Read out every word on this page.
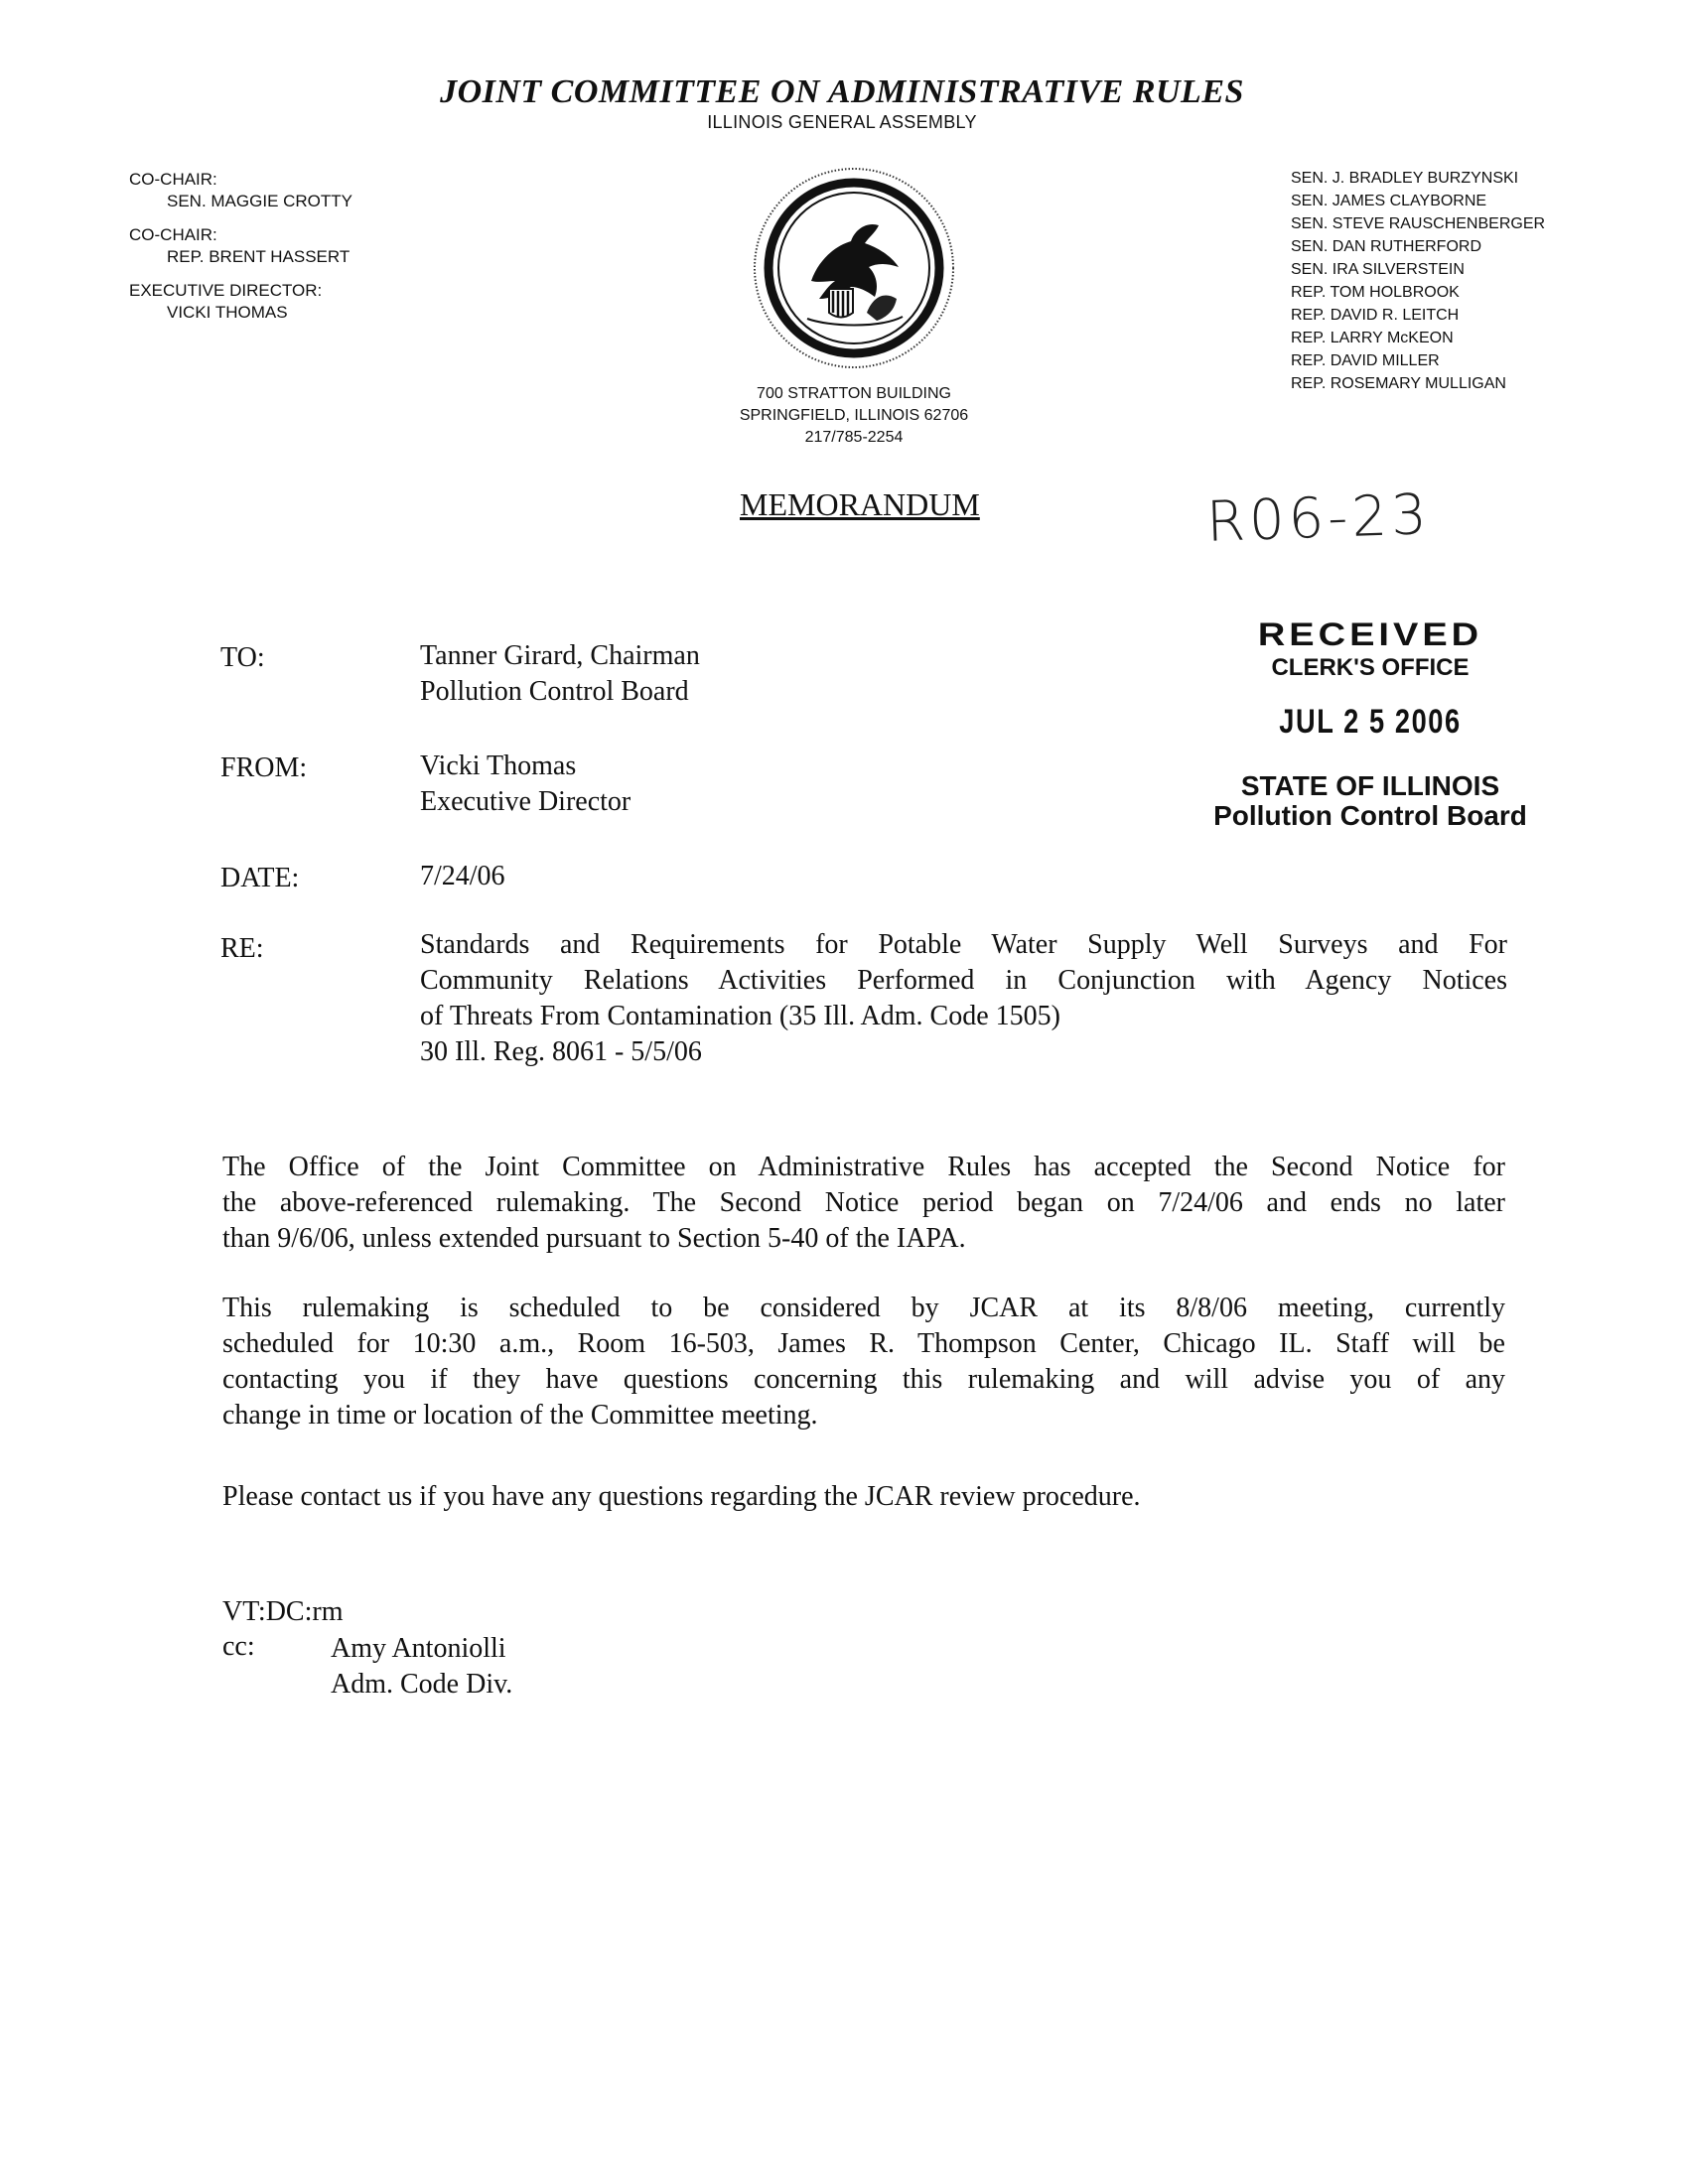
JOINT COMMITTEE ON ADMINISTRATIVE RULES
ILLINOIS GENERAL ASSEMBLY
CO-CHAIR:
SEN. MAGGIE CROTTY
CO-CHAIR:
REP. BRENT HASSERT
EXECUTIVE DIRECTOR:
VICKI THOMAS
700 STRATTON BUILDING
SPRINGFIELD, ILLINOIS 62706
217/785-2254
SEN. J. BRADLEY BURZYNSKI
SEN. JAMES CLAYBORNE
SEN. STEVE RAUSCHENBERGER
SEN. DAN RUTHERFORD
SEN. IRA SILVERSTEIN
REP. TOM HOLBROOK
REP. DAVID R. LEITCH
REP. LARRY McKEON
REP. DAVID MILLER
REP. ROSEMARY MULLIGAN
MEMORANDUM	R06-23
RECEIVED
CLERK'S OFFICE
JUL 2 5 2006
STATE OF ILLINOIS
Pollution Control Board
TO:	Tanner Girard, Chairman
Pollution Control Board
FROM:	Vicki Thomas
Executive Director
DATE:	7/24/06
RE:	Standards and Requirements for Potable Water Supply Well Surveys and For
Community Relations Activities Performed in Conjunction with Agency Notices
of Threats From Contamination (35 Ill. Adm. Code 1505)
30 Ill. Reg. 8061 - 5/5/06
The Office of the Joint Committee on Administrative Rules has accepted the Second Notice for
the above-referenced rulemaking. The Second Notice period began on 7/24/06 and ends no later
than 9/6/06, unless extended pursuant to Section 5-40 of the IAPA.
This rulemaking is scheduled to be considered by JCAR at its 8/8/06 meeting, currently
scheduled for 10:30 a.m., Room 16-503, James R. Thompson Center, Chicago IL. Staff will be
contacting you if they have questions concerning this rulemaking and will advise you of any
change in time or location of the Committee meeting.
Please contact us if you have any questions regarding the JCAR review procedure.
VT:DC:rm
cc:	Amy Antoniolli
Adm. Code Div.
